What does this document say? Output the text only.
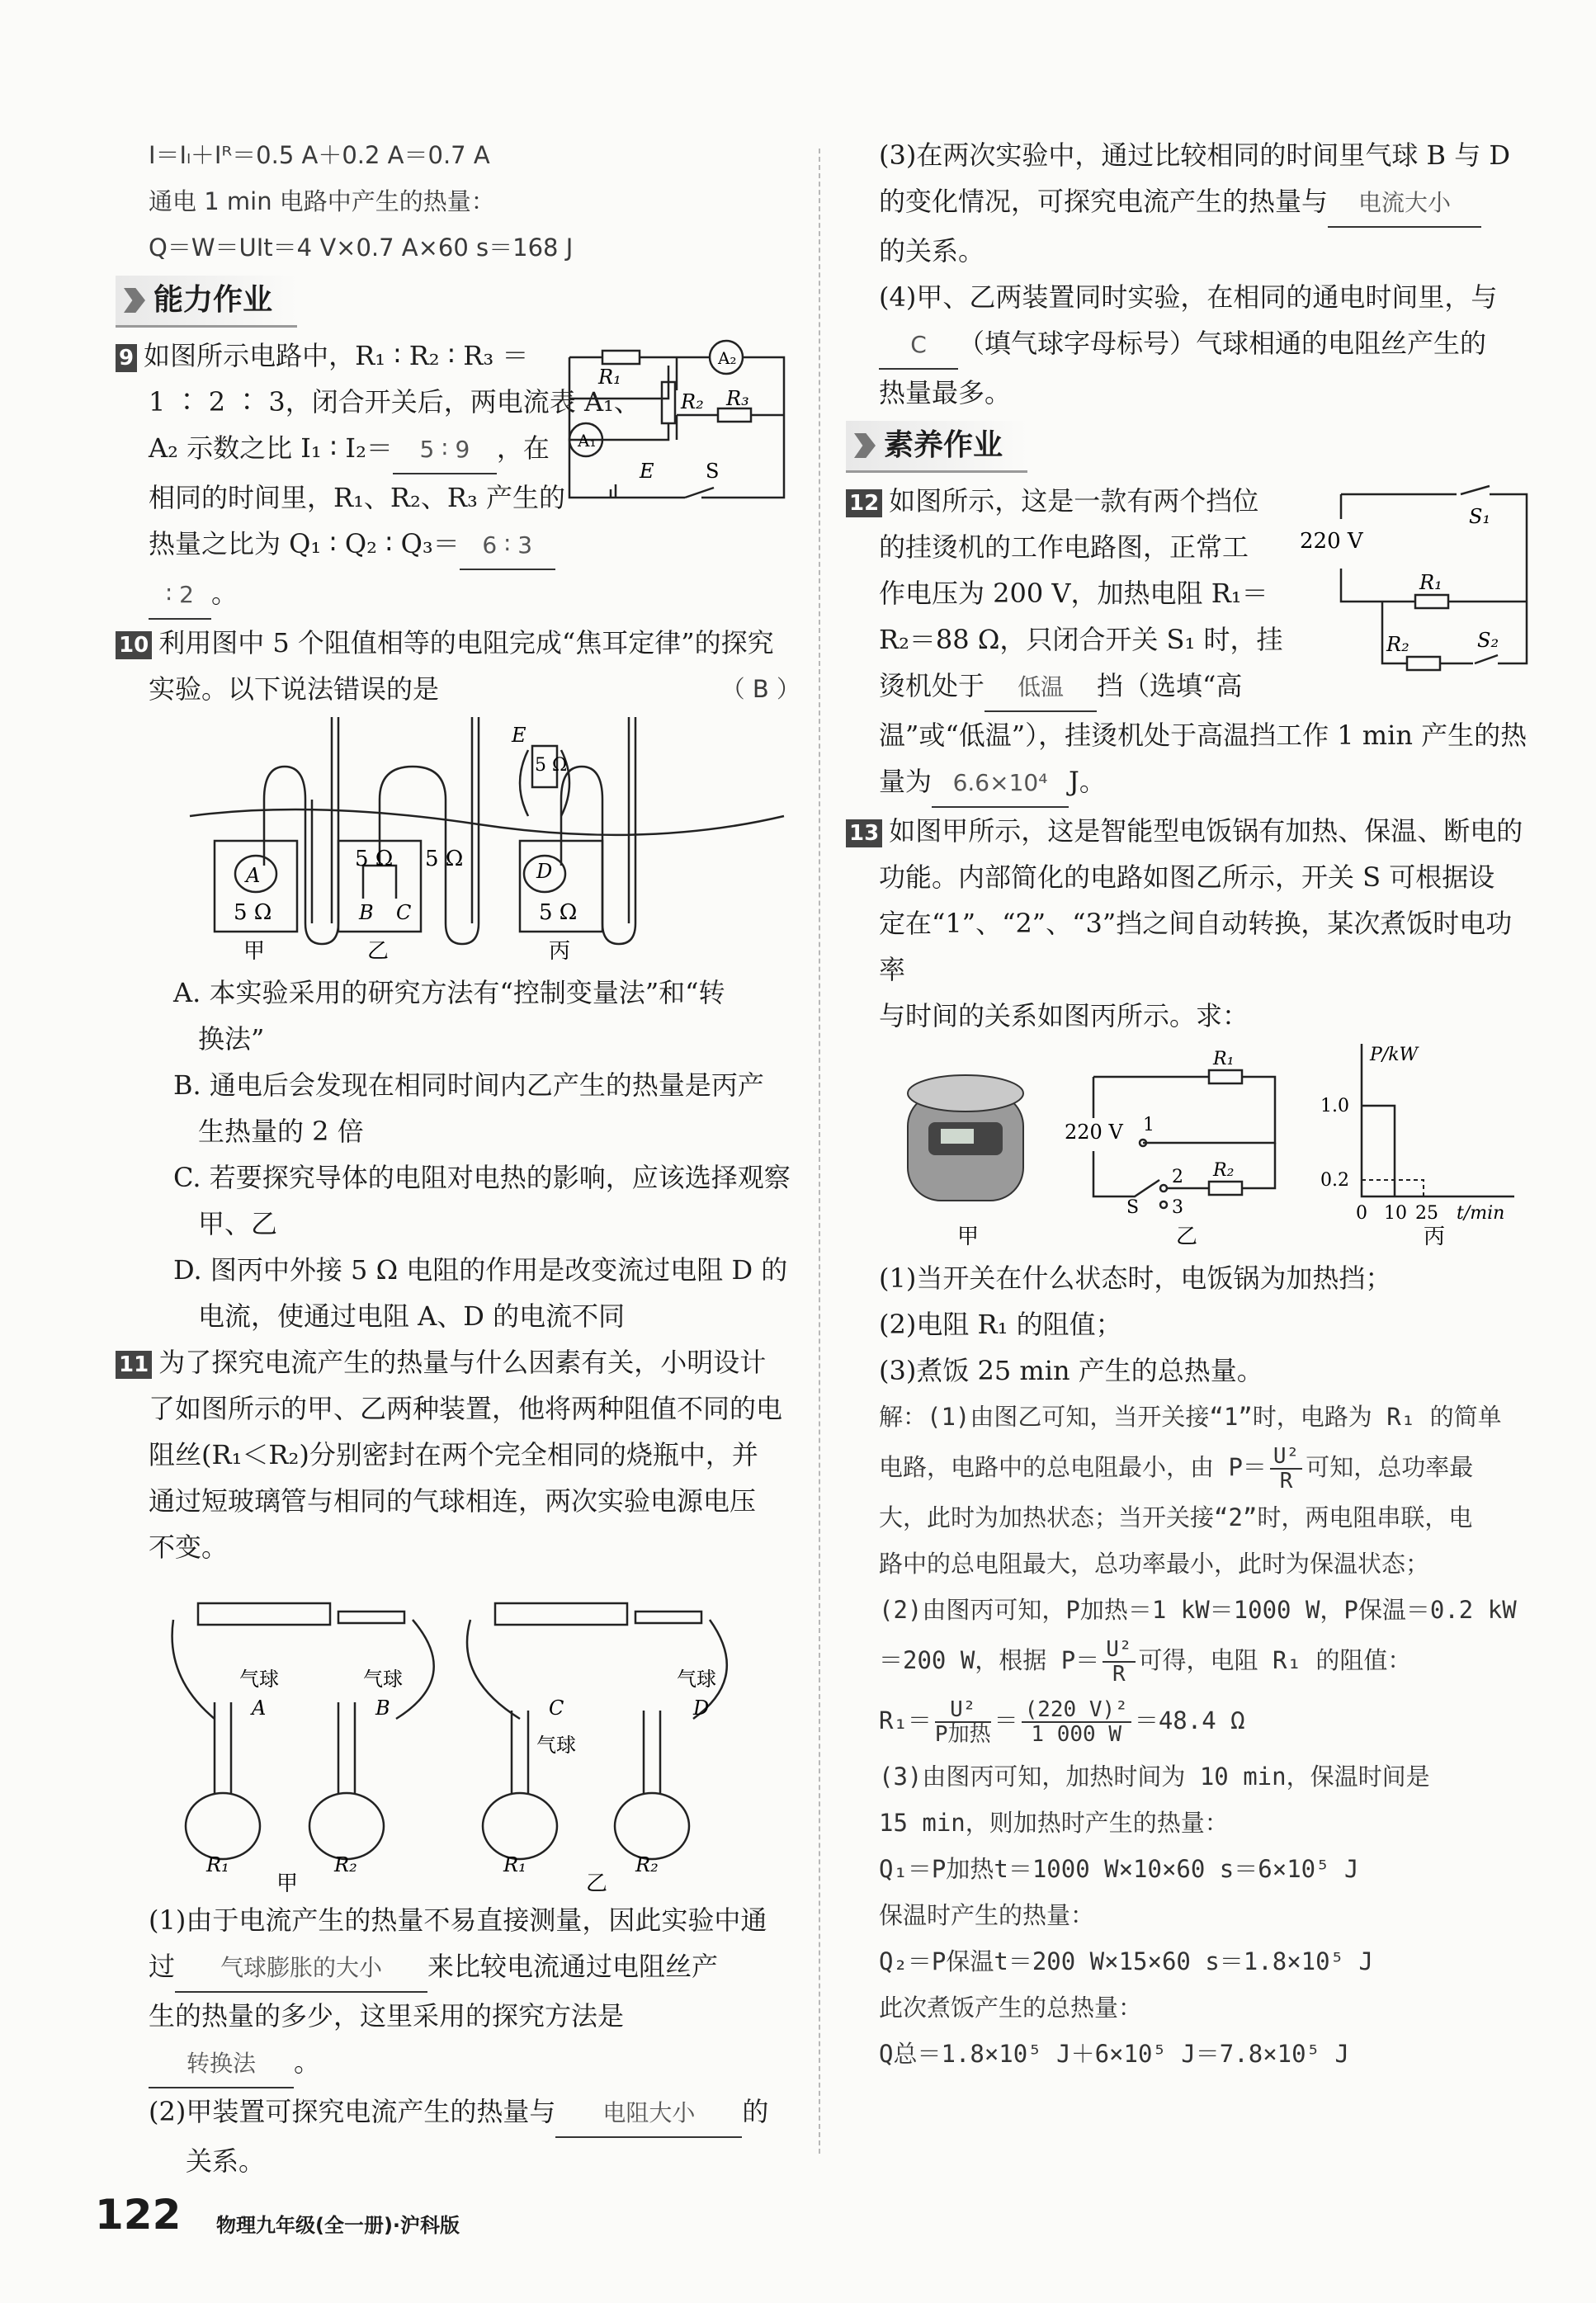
I＝Iₗ＋Iᴿ＝0.5 A＋0.2 A＝0.7 A
通电 1 min 电路中产生的热量：
Q＝W＝UIt＝4 V×0.7 A×60 s＝168 J
能力作业
R₁
R₂ R₃
A₂
A₁
E	S
9 如图所示电路中，R₁ ∶ R₂ ∶ R₃ ＝
1 ∶ 2 ∶ 3，闭合开关后，两电流表 A₁、
A₂ 示数之比 I₁ ∶ I₂＝ 5 ∶ 9 ，在
相同的时间里，R₁、R₂、R₃ 产生的
热量之比为 Q₁ ∶ Q₂ ∶ Q₃＝ 6 ∶ 3
∶ 2 。
10 利用图中 5 个阻值相等的电阻完成“焦耳定律”的探究
实验。以下说法错误的是	（ B ）
A
5 Ω	B C
5 Ω 5 Ω	D
5 Ω
5 Ω
E
甲	乙	丙
A. 本实验采用的研究方法有“控制变量法”和“转
换法”
B. 通电后会发现在相同时间内乙产生的热量是丙产
生热量的 2 倍
C. 若要探究导体的电阻对电热的影响，应该选择观察
甲、乙
D. 图丙中外接 5 Ω 电阻的作用是改变流过电阻 D 的
电流，使通过电阻 A、D 的电流不同
11 为了探究电流产生的热量与什么因素有关，小明设计
了如图所示的甲、乙两种装置，他将两种阻值不同的电
阻丝(R₁＜R₂)分别密封在两个完全相同的烧瓶中，并
通过短玻璃管与相同的气球相连，两次实验电源电压
不变。
气球	气球
气球
气球
A	B	C	D
R₁	R₂	R₁	R₂
甲	乙
(1)由于电流产生的热量不易直接测量，因此实验中通
过 气球膨胀的大小 来比较电流通过电阻丝产
生的热量的多少，这里采用的探究方法是
转换法 。
(2)甲装置可探究电流产生的热量与 电阻大小 的
关系。
(3)在两次实验中，通过比较相同的时间里气球 B 与 D
的变化情况，可探究电流产生的热量与 电流大小
的关系。
(4)甲、乙两装置同时实验，在相同的通电时间里，与
C （填气球字母标号）气球相通的电阻丝产生的
热量最多。
素养作业
220 V
S₁
R₁
R₂	S₂
12 如图所示，这是一款有两个挡位
的挂烫机的工作电路图，正常工
作电压为 200 V，加热电阻 R₁＝
R₂＝88 Ω，只闭合开关 S₁ 时，挂
烫机处于 低温 挡（选填“高
温”或“低温”），挂烫机处于高温挡工作 1 min 产生的热
量为 6.6×10⁴ J。
13 如图甲所示，这是智能型电饭锅有加热、保温、断电的
功能。内部简化的电路如图乙所示，开关 S 可根据设
定在“1”、“2”、“3”挡之间自动转换，某次煮饭时电功率
与时间的关系如图丙所示。求：
220 V
R₁
R₂
1
2
3
S
P/kW
1.0
0.2
0 10 25 t/min
甲	乙	丙
(1)当开关在什么状态时，电饭锅为加热挡；
(2)电阻 R₁ 的阻值；
(3)煮饭 25 min 产生的总热量。
解：(1)由图乙可知，当开关接“1”时，电路为 R₁ 的简单
电路，电路中的总电阻最小，由 $P= \frac{\text{U²}}{R}$ 可知，总功率最
大，此时为加热状态；当开关接“2”时，两电阻串联，电
路中的总电阻最大，总功率最小，此时为保温状态；
(2)由图丙可知，P加热＝1 kW＝1000 W，P保温＝0.2 kW
＝200 W，根据 $P= \frac{\text{U²}}{R}$ 可得，电阻 R₁ 的阻值：
$R_1= \frac{\text{U²}}{\text{P加热}} = \frac{\text{(220 V)²}}{1 000 W} =48.4$ Ω
(3)由图丙可知，加热时间为 10 min，保温时间是
15 min，则加热时产生的热量：
Q₁＝P加热t＝1000 W×10×60 s＝6×10⁵ J
保温时产生的热量：
Q₂＝P保温t＝200 W×15×60 s＝1.8×10⁵ J
此次煮饭产生的总热量：
Q总＝1.8×10⁵ J＋6×10⁵ J＝7.8×10⁵ J
122 物理九年级(全一册)·沪科版
